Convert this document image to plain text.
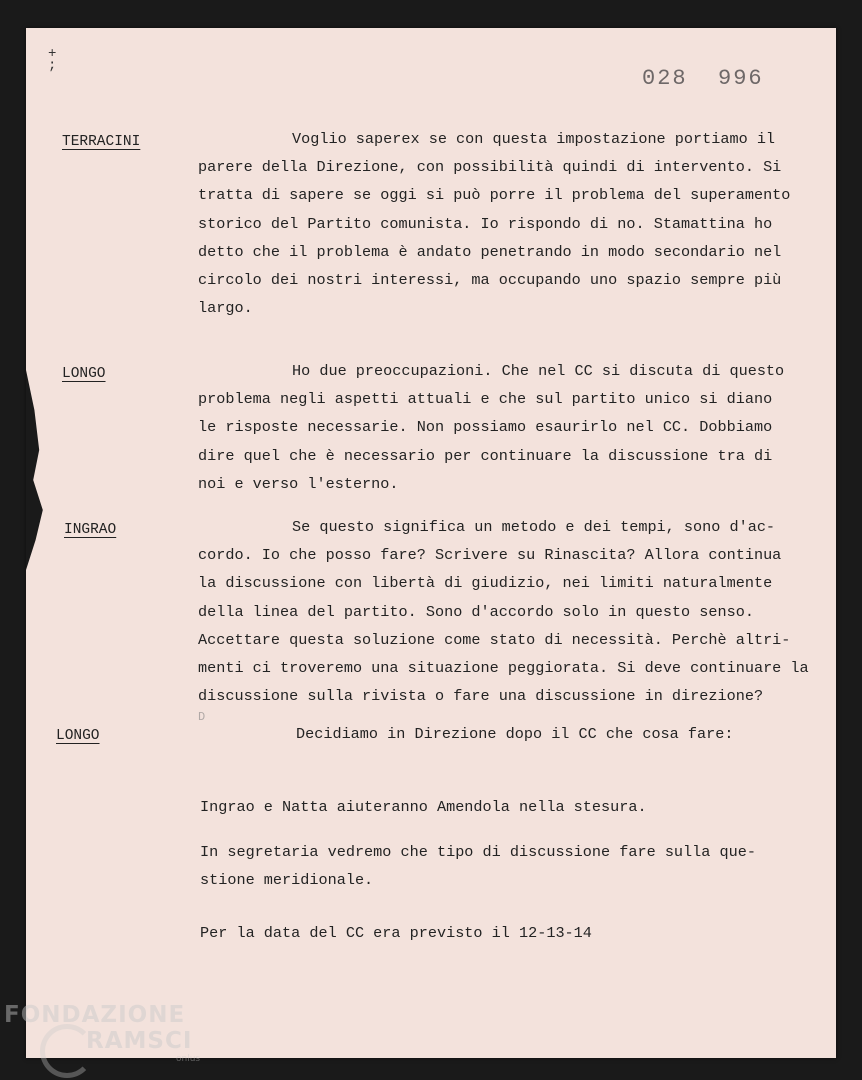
+
;	028  996
TERRACINI	Voglio saperex se con questa impostazione portiamo il
parere della Direzione, con possibilità quindi di intervento. Si
tratta di sapere se oggi si può porre il problema del superamento
storico del Partito comunista. Io rispondo di no. Stamattina ho
detto che il problema è andato penetrando in modo secondario nel
circolo dei nostri interessi, ma occupando uno spazio sempre più
largo.
LONGO	Ho due preoccupazioni. Che nel CC si discuta di questo
problema negli aspetti attuali e che sul partito unico si diano
le risposte necessarie. Non possiamo esaurirlo nel CC. Dobbiamo
dire quel che è necessario per continuare la discussione tra di
noi e verso l'esterno.
INGRAO	Se questo significa un metodo e dei tempi, sono d'ac-
cordo. Io che posso fare? Scrivere su Rinascita? Allora continua
la discussione con libertà di giudizio, nei limiti naturalmente
della linea del partito. Sono d'accordo solo in questo senso.
Accettare questa soluzione come stato di necessità. Perchè altri-
menti ci troveremo una situazione peggiorata. Si deve continuare la
discussione sulla rivista o fare una discussione in direzione?
D
LONGO	Decidiamo in Direzione dopo il CC che cosa fare:
Ingrao e Natta aiuteranno Amendola nella stesura.
In segretaria vedremo che tipo di discussione fare sulla que-
stione meridionale.
Per la data del CC era previsto il 12-13-14
FONDAZIONE
RAMSCI
onlus
